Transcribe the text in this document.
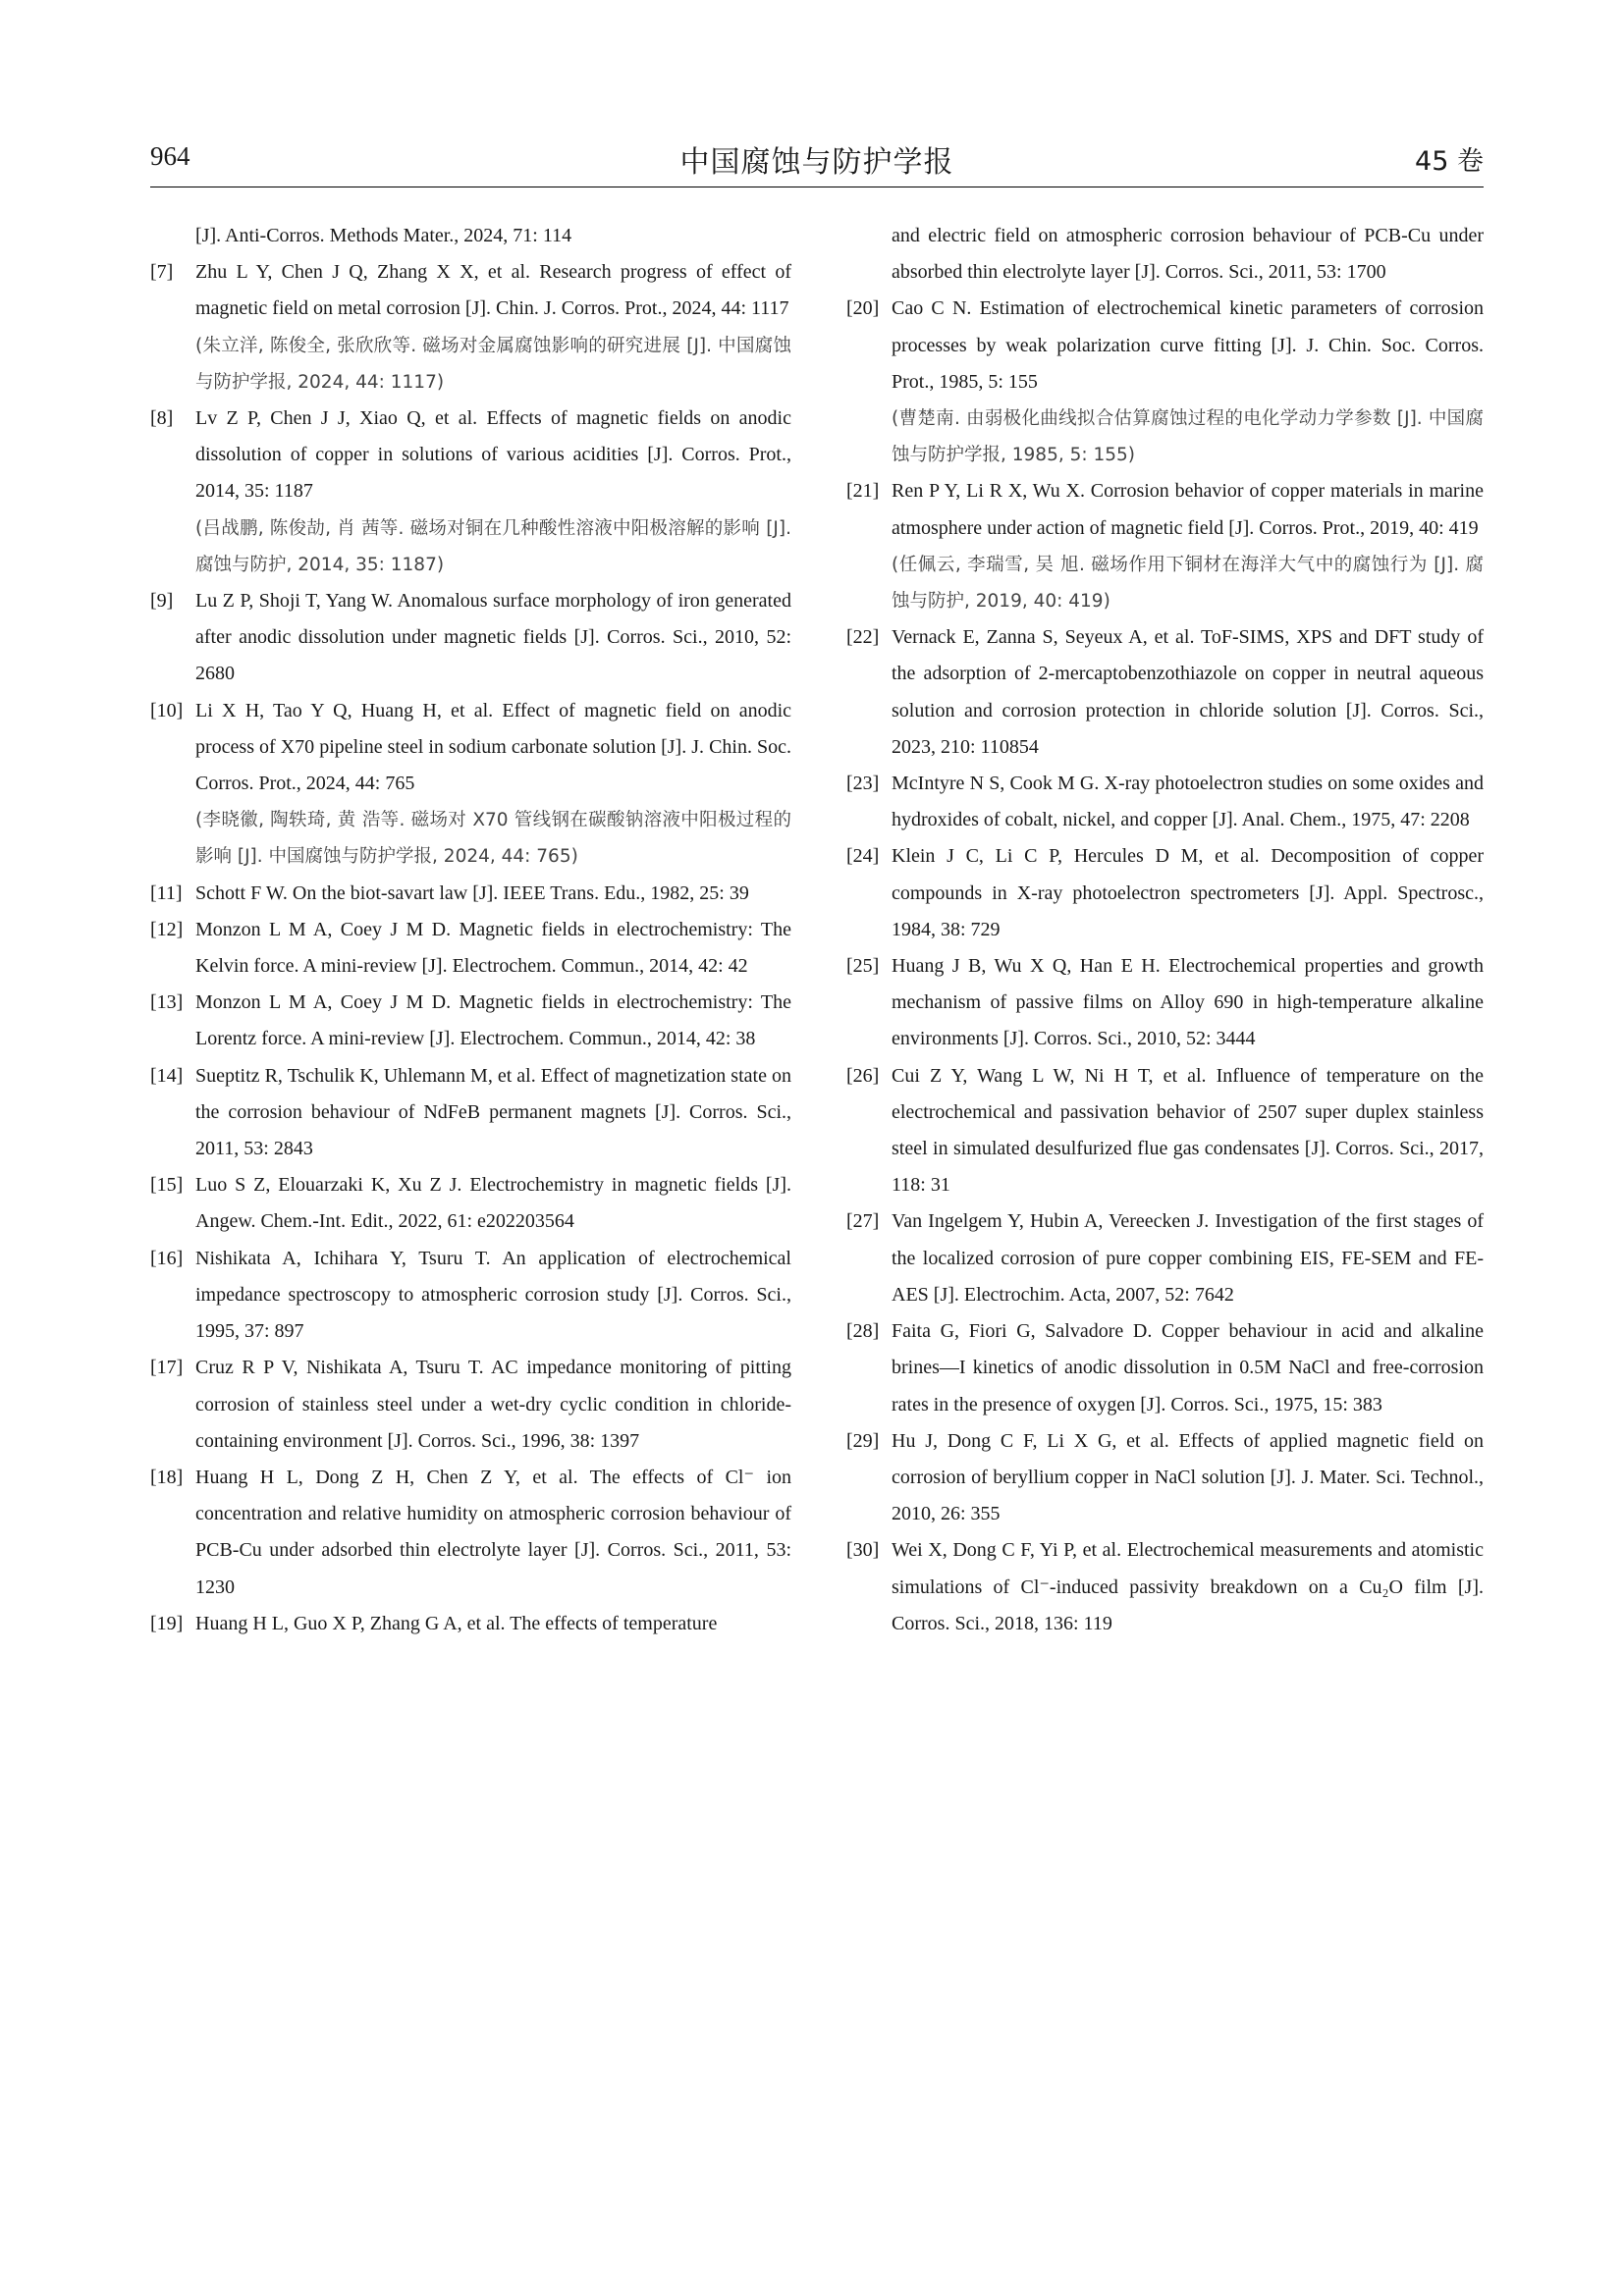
964	中国腐蚀与防护学报	45 卷
[J]. Anti-Corros. Methods Mater., 2024, 71: 114
[7] Zhu L Y, Chen J Q, Zhang X X, et al. Research progress of effect of magnetic field on metal corrosion [J]. Chin. J. Corros. Prot., 2024, 44: 1117
(朱立洋, 陈俊全, 张欣欣等. 磁场对金属腐蚀影响的研究进展 [J]. 中国腐蚀与防护学报, 2024, 44: 1117)
[8] Lv Z P, Chen J J, Xiao Q, et al. Effects of magnetic fields on anodic dissolution of copper in solutions of various acidities [J]. Corros. Prot., 2014, 35: 1187
(吕战鹏, 陈俊劼, 肖 茜等. 磁场对铜在几种酸性溶液中阳极溶解的影响 [J]. 腐蚀与防护, 2014, 35: 1187)
[9] Lu Z P, Shoji T, Yang W. Anomalous surface morphology of iron generated after anodic dissolution under magnetic fields [J]. Corros. Sci., 2010, 52: 2680
[10] Li X H, Tao Y Q, Huang H, et al. Effect of magnetic field on anodic process of X70 pipeline steel in sodium carbonate solution [J]. J. Chin. Soc. Corros. Prot., 2024, 44: 765
(李晓徽, 陶轶琦, 黄 浩等. 磁场对 X70 管线钢在碳酸钠溶液中阳极过程的影响 [J]. 中国腐蚀与防护学报, 2024, 44: 765)
[11] Schott F W. On the biot-savart law [J]. IEEE Trans. Edu., 1982, 25: 39
[12] Monzon L M A, Coey J M D. Magnetic fields in electrochemistry: The Kelvin force. A mini-review [J]. Electrochem. Commun., 2014, 42: 42
[13] Monzon L M A, Coey J M D. Magnetic fields in electrochemistry: The Lorentz force. A mini-review [J]. Electrochem. Commun., 2014, 42: 38
[14] Sueptitz R, Tschulik K, Uhlemann M, et al. Effect of magnetization state on the corrosion behaviour of NdFeB permanent magnets [J]. Corros. Sci., 2011, 53: 2843
[15] Luo S Z, Elouarzaki K, Xu Z J. Electrochemistry in magnetic fields [J]. Angew. Chem.-Int. Edit., 2022, 61: e202203564
[16] Nishikata A, Ichihara Y, Tsuru T. An application of electrochemical impedance spectroscopy to atmospheric corrosion study [J]. Corros. Sci., 1995, 37: 897
[17] Cruz R P V, Nishikata A, Tsuru T. AC impedance monitoring of pitting corrosion of stainless steel under a wet-dry cyclic condition in chloride-containing environment [J]. Corros. Sci., 1996, 38: 1397
[18] Huang H L, Dong Z H, Chen Z Y, et al. The effects of Cl⁻ ion concentration and relative humidity on atmospheric corrosion behaviour of PCB-Cu under adsorbed thin electrolyte layer [J]. Corros. Sci., 2011, 53: 1230
[19] Huang H L, Guo X P, Zhang G A, et al. The effects of temperature
and electric field on atmospheric corrosion behaviour of PCB-Cu under absorbed thin electrolyte layer [J]. Corros. Sci., 2011, 53: 1700
[20] Cao C N. Estimation of electrochemical kinetic parameters of corrosion processes by weak polarization curve fitting [J]. J. Chin. Soc. Corros. Prot., 1985, 5: 155
(曹楚南. 由弱极化曲线拟合估算腐蚀过程的电化学动力学参数 [J]. 中国腐蚀与防护学报, 1985, 5: 155)
[21] Ren P Y, Li R X, Wu X. Corrosion behavior of copper materials in marine atmosphere under action of magnetic field [J]. Corros. Prot., 2019, 40: 419
(任佩云, 李瑞雪, 吴 旭. 磁场作用下铜材在海洋大气中的腐蚀行为 [J]. 腐蚀与防护, 2019, 40: 419)
[22] Vernack E, Zanna S, Seyeux A, et al. ToF-SIMS, XPS and DFT study of the adsorption of 2-mercaptobenzothiazole on copper in neutral aqueous solution and corrosion protection in chloride solution [J]. Corros. Sci., 2023, 210: 110854
[23] McIntyre N S, Cook M G. X-ray photoelectron studies on some oxides and hydroxides of cobalt, nickel, and copper [J]. Anal. Chem., 1975, 47: 2208
[24] Klein J C, Li C P, Hercules D M, et al. Decomposition of copper compounds in X-ray photoelectron spectrometers [J]. Appl. Spectrosc., 1984, 38: 729
[25] Huang J B, Wu X Q, Han E H. Electrochemical properties and growth mechanism of passive films on Alloy 690 in high-temperature alkaline environments [J]. Corros. Sci., 2010, 52: 3444
[26] Cui Z Y, Wang L W, Ni H T, et al. Influence of temperature on the electrochemical and passivation behavior of 2507 super duplex stainless steel in simulated desulfurized flue gas condensates [J]. Corros. Sci., 2017, 118: 31
[27] Van Ingelgem Y, Hubin A, Vereecken J. Investigation of the first stages of the localized corrosion of pure copper combining EIS, FE-SEM and FE-AES [J]. Electrochim. Acta, 2007, 52: 7642
[28] Faita G, Fiori G, Salvadore D. Copper behaviour in acid and alkaline brines—I kinetics of anodic dissolution in 0.5M NaCl and free-corrosion rates in the presence of oxygen [J]. Corros. Sci., 1975, 15: 383
[29] Hu J, Dong C F, Li X G, et al. Effects of applied magnetic field on corrosion of beryllium copper in NaCl solution [J]. J. Mater. Sci. Technol., 2010, 26: 355
[30] Wei X, Dong C F, Yi P, et al. Electrochemical measurements and atomistic simulations of Cl⁻-induced passivity breakdown on a Cu₂O film [J]. Corros. Sci., 2018, 136: 119
